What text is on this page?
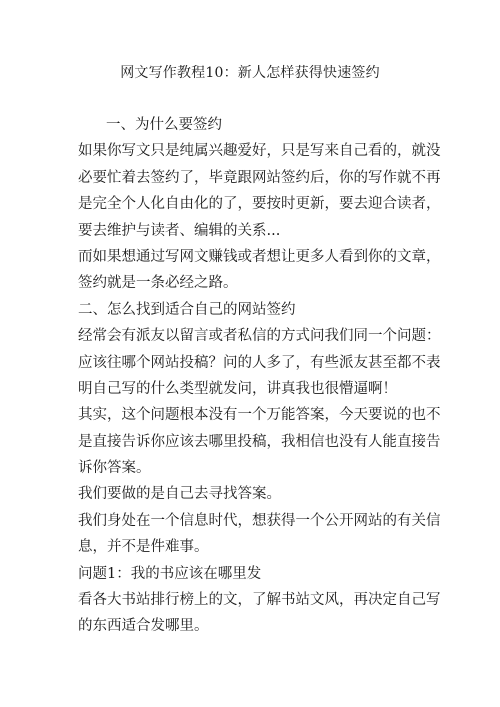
网文写作教程10：新人怎样获得快速签约
一、为什么要签约
如果你写文只是纯属兴趣爱好，只是写来自己看的，就没
必要忙着去签约了，毕竟跟网站签约后，你的写作就不再
是完全个人化自由化的了，要按时更新，要去迎合读者，
要去维护与读者、编辑的关系...
而如果想通过写网文赚钱或者想让更多人看到你的文章，
签约就是一条必经之路。
二、怎么找到适合自己的网站签约
经常会有派友以留言或者私信的方式问我们同一个问题：
应该往哪个网站投稿？问的人多了，有些派友甚至都不表
明自己写的什么类型就发问，讲真我也很懵逼啊！
其实，这个问题根本没有一个万能答案，今天要说的也不
是直接告诉你应该去哪里投稿，我相信也没有人能直接告
诉你答案。
我们要做的是自己去寻找答案。
我们身处在一个信息时代，想获得一个公开网站的有关信
息，并不是件难事。
问题1：我的书应该在哪里发
看各大书站排行榜上的文，了解书站文风，再决定自己写
的东西适合发哪里。
